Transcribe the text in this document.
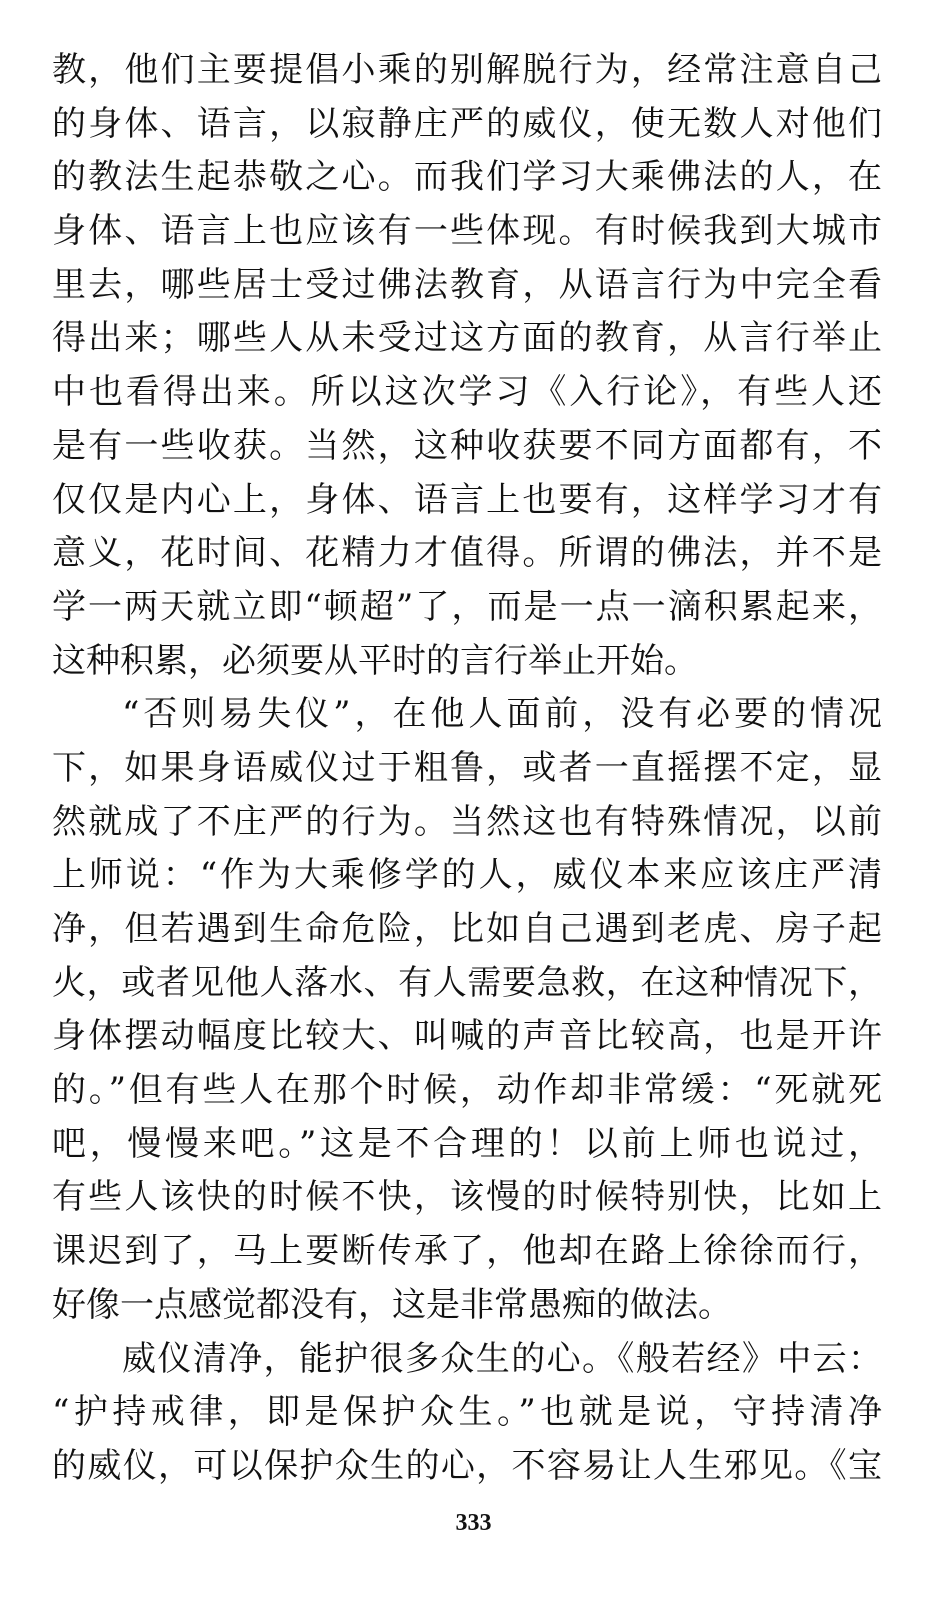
教，他们主要提倡小乘的别解脱行为，经常注意自己
的身体、语言，以寂静庄严的威仪，使无数人对他们
的教法生起恭敬之心。而我们学习大乘佛法的人，在
身体、语言上也应该有一些体现。有时候我到大城市
里去，哪些居士受过佛法教育，从语言行为中完全看
得出来；哪些人从未受过这方面的教育，从言行举止
中也看得出来。所以这次学习《入行论》，有些人还
是有一些收获。当然，这种收获要不同方面都有，不
仅仅是内心上，身体、语言上也要有，这样学习才有
意义，花时间、花精力才值得。所谓的佛法，并不是
学一两天就立即“顿超”了，而是一点一滴积累起来，
这种积累，必须要从平时的言行举止开始。
“否则易失仪”，在他人面前，没有必要的情况
下，如果身语威仪过于粗鲁，或者一直摇摆不定，显
然就成了不庄严的行为。当然这也有特殊情况，以前
上师说：“作为大乘修学的人，威仪本来应该庄严清
净，但若遇到生命危险，比如自己遇到老虎、房子起
火，或者见他人落水、有人需要急救，在这种情况下，
身体摆动幅度比较大、叫喊的声音比较高，也是开许
的。”但有些人在那个时候，动作却非常缓：“死就死
吧，慢慢来吧。”这是不合理的！以前上师也说过，
有些人该快的时候不快，该慢的时候特别快，比如上
课迟到了，马上要断传承了，他却在路上徐徐而行，
好像一点感觉都没有，这是非常愚痴的做法。
威仪清净，能护很多众生的心。《般若经》中云：
“护持戒律，即是保护众生。”也就是说，守持清净
的威仪，可以保护众生的心，不容易让人生邪见。《宝
333
